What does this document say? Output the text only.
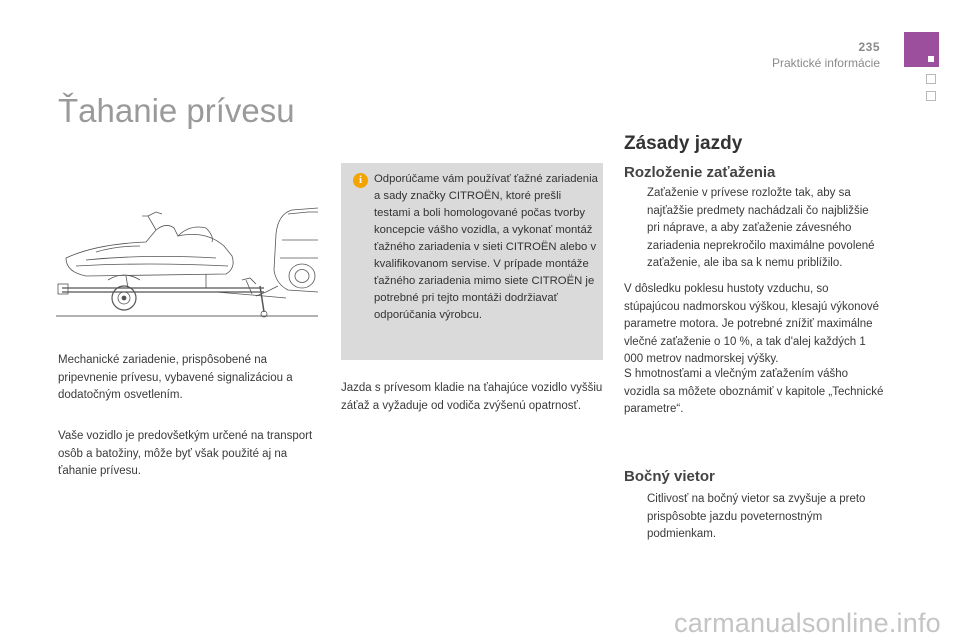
235
Praktické informácie
Ťahanie prívesu

Mechanické zariadenie, prispôsobené na pripevnenie prívesu, vybavené signalizáciou a dodatočným osvetlením.

Vaše vozidlo je predovšetkým určené na transport osôb a batožiny, môže byť však použité aj na ťahanie prívesu.

i	Odporúčame vám používať ťažné zariadenia a sady značky CITROËN, ktoré prešli testami a boli homologované počas tvorby koncepcie vášho vozidla, a vykonať montáž ťažného zariadenia v sieti CITROËN alebo v kvalifikovanom servise. V prípade montáže ťažného zariadenia mimo siete CITROËN je potrebné pri tejto montáži dodržiavať odporúčania výrobcu.

Jazda s prívesom kladie na ťahajúce vozidlo vyššiu záťaž a vyžaduje od vodiča zvýšenú opatrnosť.

Zásady jazdy
Rozloženie zaťaženia
Zaťaženie v prívese rozložte tak, aby sa najťažšie predmety nachádzali čo najbližšie pri náprave, a aby zaťaženie závesného zariadenia neprekročilo maximálne povolené zaťaženie, ale iba sa k nemu priblížilo.

V dôsledku poklesu hustoty vzduchu, so stúpajúcou nadmorskou výškou, klesajú výkonové parametre motora. Je potrebné znížiť maximálne vlečné zaťaženie o 10 %, a tak d'alej každých 1 000 metrov nadmorskej výšky.

S hmotnosťami a vlečným zaťažením vášho vozidla sa môžete oboznámiť v kapitole „Technické parametre“.

Bočný vietor
Citlivosť na bočný vietor sa zvyšuje a preto prispôsobte jazdu poveternostným podmienkam.
carmanualsonline.info
